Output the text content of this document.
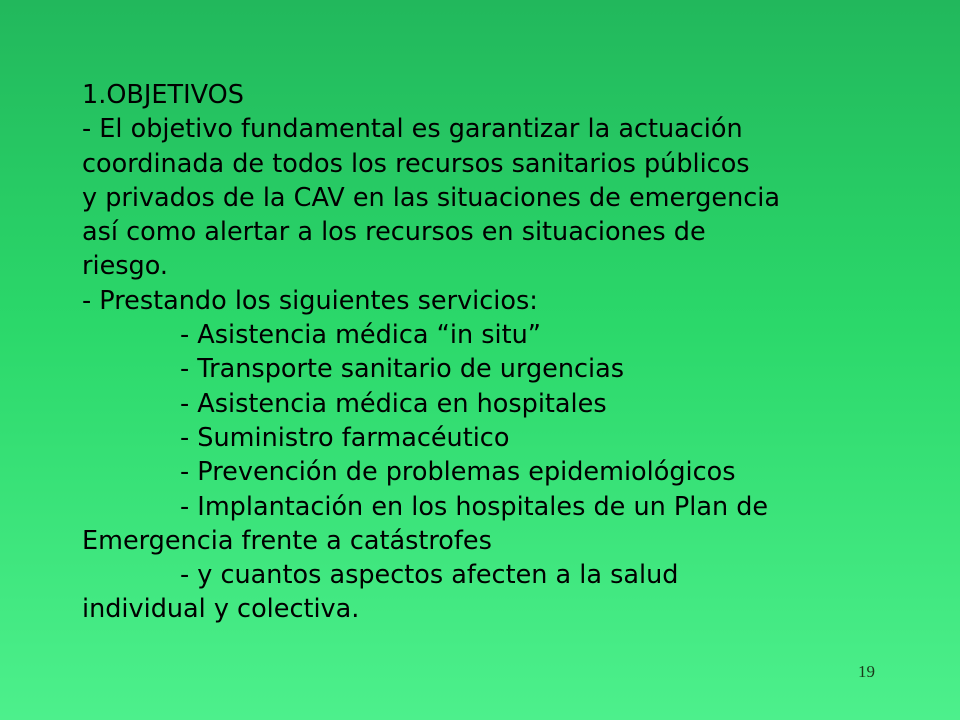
1.OBJETIVOS
- El objetivo fundamental es garantizar la actuación
coordinada de todos los recursos sanitarios públicos
y privados de la CAV en las situaciones de emergencia
así como alertar a los recursos en situaciones de
riesgo.
- Prestando los siguientes servicios:
- Asistencia médica “in situ”
- Transporte sanitario de urgencias
- Asistencia médica en hospitales
- Suministro farmacéutico
- Prevención de problemas epidemiológicos
- Implantación en los hospitales de un Plan de
Emergencia frente a catástrofes
- y cuantos aspectos afecten a la salud
individual y colectiva.
19
